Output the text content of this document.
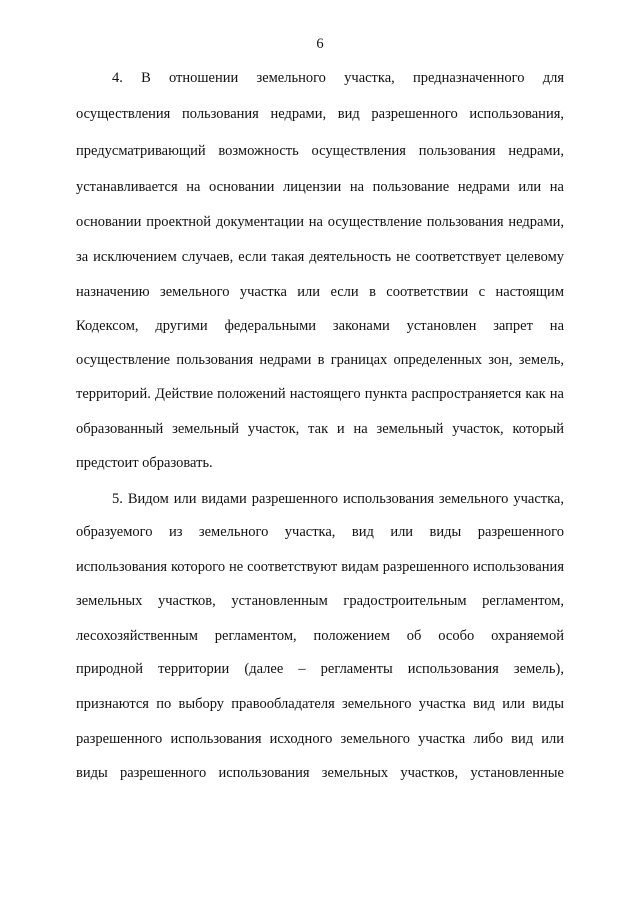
6
4. В отношении земельного участка, предназначенного для
осуществления пользования недрами, вид разрешенного использования,
предусматривающий возможность осуществления пользования недрами,
устанавливается на основании лицензии на пользование недрами или на
основании проектной документации на осуществление пользования недрами,
за исключением случаев, если такая деятельность не соответствует целевому
назначению земельного участка или если в соответствии с настоящим
Кодексом, другими федеральными законами установлен запрет на
осуществление пользования недрами в границах определенных зон, земель,
территорий. Действие положений настоящего пункта распространяется как на
образованный земельный участок, так и на земельный участок, который
предстоит образовать.
5. Видом или видами разрешенного использования земельного участка,
образуемого из земельного участка, вид или виды разрешенного
использования которого не соответствуют видам разрешенного использования
земельных участков, установленным градостроительным регламентом,
лесохозяйственным регламентом, положением об особо охраняемой
природной территории (далее – регламенты использования земель),
признаются по выбору правообладателя земельного участка вид или виды
разрешенного использования исходного земельного участка либо вид или
виды разрешенного использования земельных участков, установленные
